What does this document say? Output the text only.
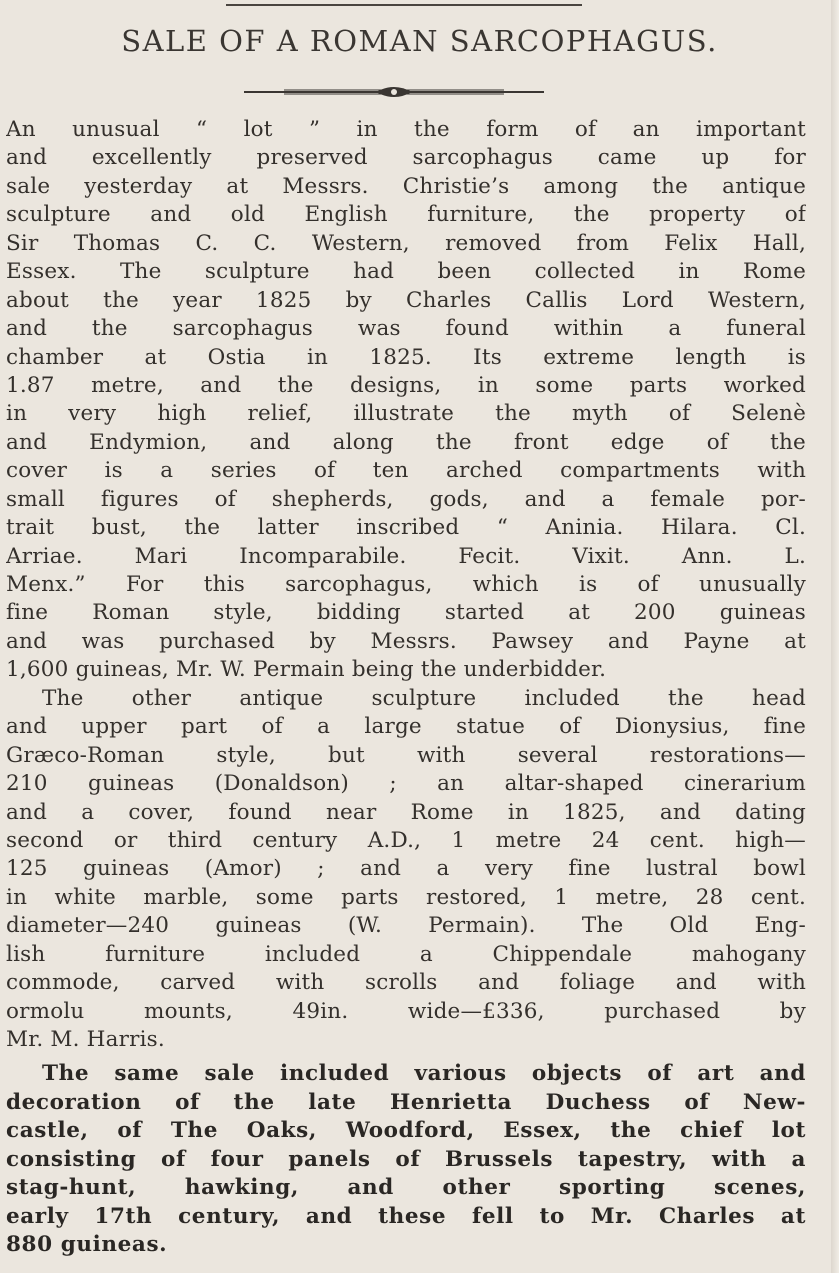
SALE OF A ROMAN SARCOPHAGUS.
An unusual “ lot ” in the form of an important
and excellently preserved sarcophagus came up for
sale yesterday at Messrs. Christie’s among the antique
sculpture and old English furniture, the property of
Sir Thomas C. C. Western, removed from Felix Hall,
Essex. The sculpture had been collected in Rome
about the year 1825 by Charles Callis Lord Western,
and the sarcophagus was found within a funeral
chamber at Ostia in 1825. Its extreme length is
1.87 metre, and the designs, in some parts worked
in very high relief, illustrate the myth of Selenè
and Endymion, and along the front edge of the
cover is a series of ten arched compartments with
small figures of shepherds, gods, and a female por-
trait bust, the latter inscribed “ Aninia. Hilara. Cl.
Arriae. Mari Incomparabile. Fecit. Vixit. Ann. L.
Menx.” For this sarcophagus, which is of unusually
fine Roman style, bidding started at 200 guineas
and was purchased by Messrs. Pawsey and Payne at
1,600 guineas, Mr. W. Permain being the underbidder.
The other antique sculpture included the head
and upper part of a large statue of Dionysius, fine
Græco-Roman style, but with several restorations—
210 guineas (Donaldson) ; an altar-shaped cinerarium
and a cover, found near Rome in 1825, and dating
second or third century A.D., 1 metre 24 cent. high—
125 guineas (Amor) ; and a very fine lustral bowl
in white marble, some parts restored, 1 metre, 28 cent.
diameter—240 guineas (W. Permain). The Old Eng-
lish furniture included a Chippendale mahogany
commode, carved with scrolls and foliage and with
ormolu mounts, 49in. wide—£336, purchased by
Mr. M. Harris.
The same sale included various objects of art and
decoration of the late Henrietta Duchess of New-
castle, of The Oaks, Woodford, Essex, the chief lot
consisting of four panels of Brussels tapestry, with a
stag-hunt, hawking, and other sporting scenes,
early 17th century, and these fell to Mr. Charles at
880 guineas.
